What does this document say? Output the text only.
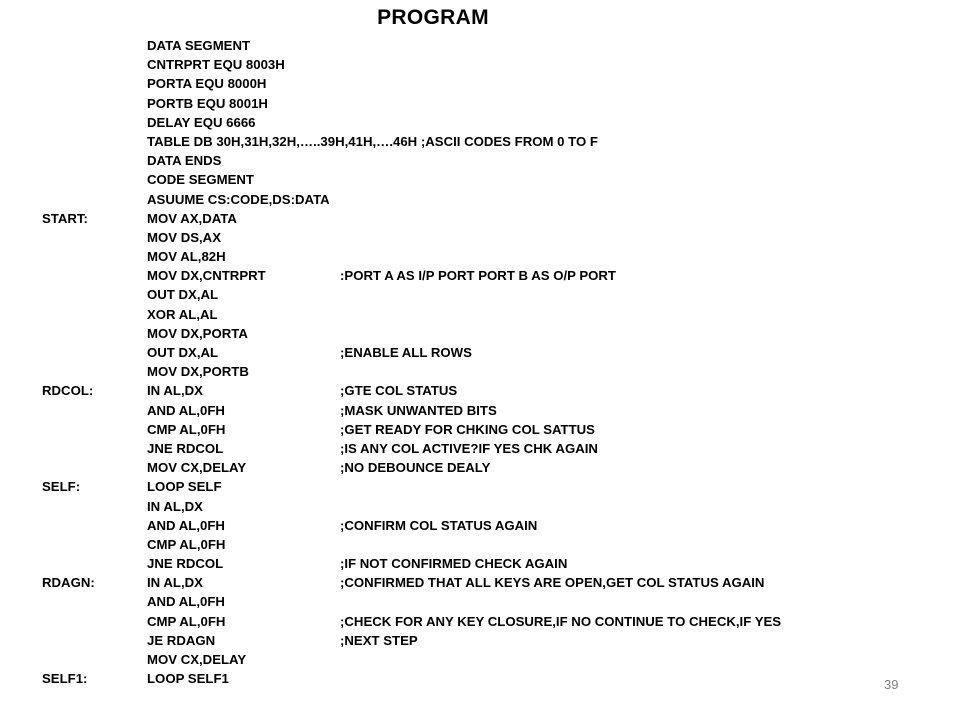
PROGRAM
DATA SEGMENT
CNTRPRT EQU 8003H
PORTA EQU 8000H
PORTB EQU 8001H
DELAY EQU 6666
TABLE DB 30H,31H,32H,…..39H,41H,….46H ;ASCII CODES FROM 0 TO F
DATA ENDS
CODE SEGMENT
ASUUME CS:CODE,DS:DATA
START:	MOV AX,DATA
MOV DS,AX
MOV AL,82H
MOV DX,CNTRPRT	:PORT A AS I/P PORT PORT B AS O/P PORT
OUT DX,AL
XOR AL,AL
MOV DX,PORTA
OUT DX,AL	;ENABLE ALL ROWS
MOV DX,PORTB
RDCOL:	IN AL,DX	;GTE COL STATUS
AND AL,0FH	;MASK UNWANTED BITS
CMP AL,0FH	;GET READY FOR CHKING COL SATTUS
JNE RDCOL	;IS ANY COL ACTIVE?IF YES CHK AGAIN
MOV CX,DELAY	;NO DEBOUNCE DEALY
SELF:	LOOP SELF
IN AL,DX
AND AL,0FH	;CONFIRM COL STATUS AGAIN
CMP AL,0FH
JNE RDCOL	;IF NOT CONFIRMED CHECK AGAIN
RDAGN:	IN AL,DX	;CONFIRMED THAT ALL KEYS ARE OPEN,GET COL STATUS AGAIN
AND AL,0FH
CMP AL,0FH	;CHECK FOR ANY KEY CLOSURE,IF NO CONTINUE TO CHECK,IF YES
JE RDAGN	;NEXT STEP
MOV CX,DELAY
SELF1:	LOOP SELF1	39
